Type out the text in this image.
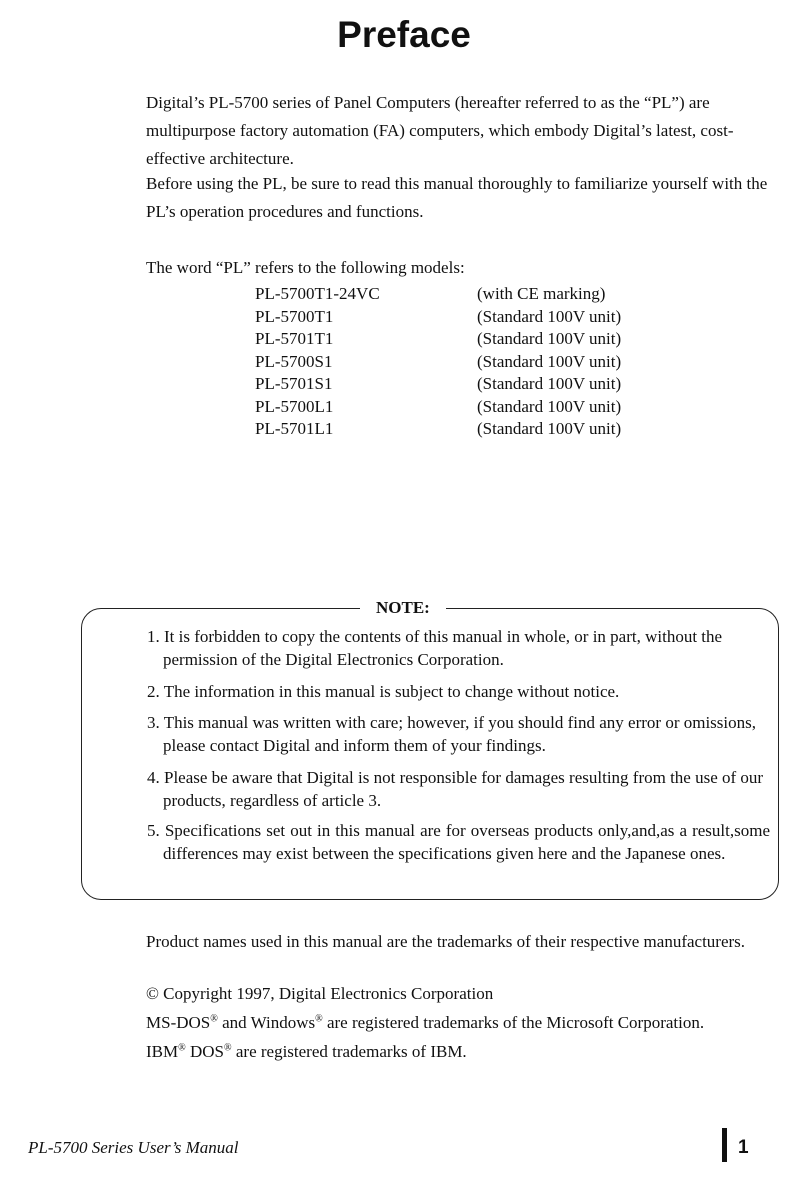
Preface

Digital’s PL-5700 series of Panel Computers (hereafter referred to as the “PL”) are multipurpose factory automation (FA) computers, which embody Digital’s latest, cost-effective architecture.

Before using the PL, be sure to read this manual thoroughly to familiarize yourself with the PL’s operation procedures and functions.

The word “PL” refers to the following models:

PL-5700T1-24VC	(with CE marking)
PL-5700T1	(Standard 100V unit)
PL-5701T1	(Standard 100V unit)
PL-5700S1	(Standard 100V unit)
PL-5701S1	(Standard 100V unit)
PL-5700L1	(Standard 100V unit)
PL-5701L1	(Standard 100V unit)
NOTE:

1. It is forbidden to copy the contents of this manual in whole, or in part, without the permission of the Digital Electronics Corporation.

2. The information in this manual is subject to change without notice.

3. This manual was written with care; however, if you should find any error or omissions, please contact Digital and inform them of your findings.

4. Please be aware that Digital is not responsible for damages resulting from the use of our products, regardless of article 3.

5. Specifications set out in this manual are for overseas products only,and,as a result,some differences may exist between the specifications given here and the Japanese ones.

Product names used in this manual are the trademarks of their respective manufacturers.

© Copyright 1997, Digital Electronics Corporation

MS-DOS® and Windows® are registered trademarks of the Microsoft Corporation.

IBM® DOS® are registered trademarks of IBM.

PL-5700 Series User’s Manual	1
